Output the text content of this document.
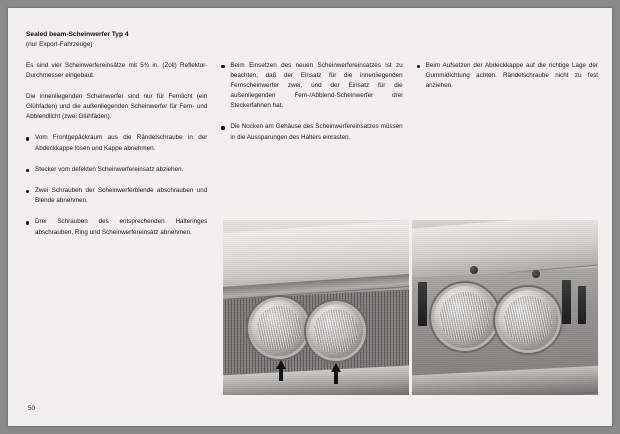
Sealed beam-Scheinwerfer Typ 4
(nur Export-Fahrzeuge)

Es sind vier Scheinwerfereinsätze mit 5¾ in. (Zoll) Reflektor-Durchmesser eingebaut.

Die innenliegenden Scheinwerfer sind nur für Fernlicht (ein Glühfaden) und die außenliegenden Scheinwerfer für Fern- und Abblendlicht (zwei Glühfäden).

Vom Frontgepäckraum aus die Rändelschraube in der Abdeckkappe lösen und Kappe abnehmen.
Stecker vom defekten Scheinwerfereinsatz abziehen.
Zwei Schrauben der Scheinwerferblende abschrauben und Blende abnehmen.
Drei Schrauben des entsprechenden Halteringes abschrauben, Ring und Scheinwerfereinsatz abnehmen.
Beim Einsetzen des neuen Scheinwerfereinsatzes ist zu beachten, daß der Einsatz für die innenliegenden Fernscheinwerfer zwei, und der Einsatz für die außenliegenden Fern-/Abblend-Scheinwerfer drei Steckerfahnen hat.
Die Nocken am Gehäuse des Scheinwerfereinsatzes müssen in die Aussparungen des Halters einrasten.
Beim Aufsetzen der Abdeckkappe auf die richtige Lage der Gummidichtung achten. Rändelschraube nicht zu fest anziehen.
50
